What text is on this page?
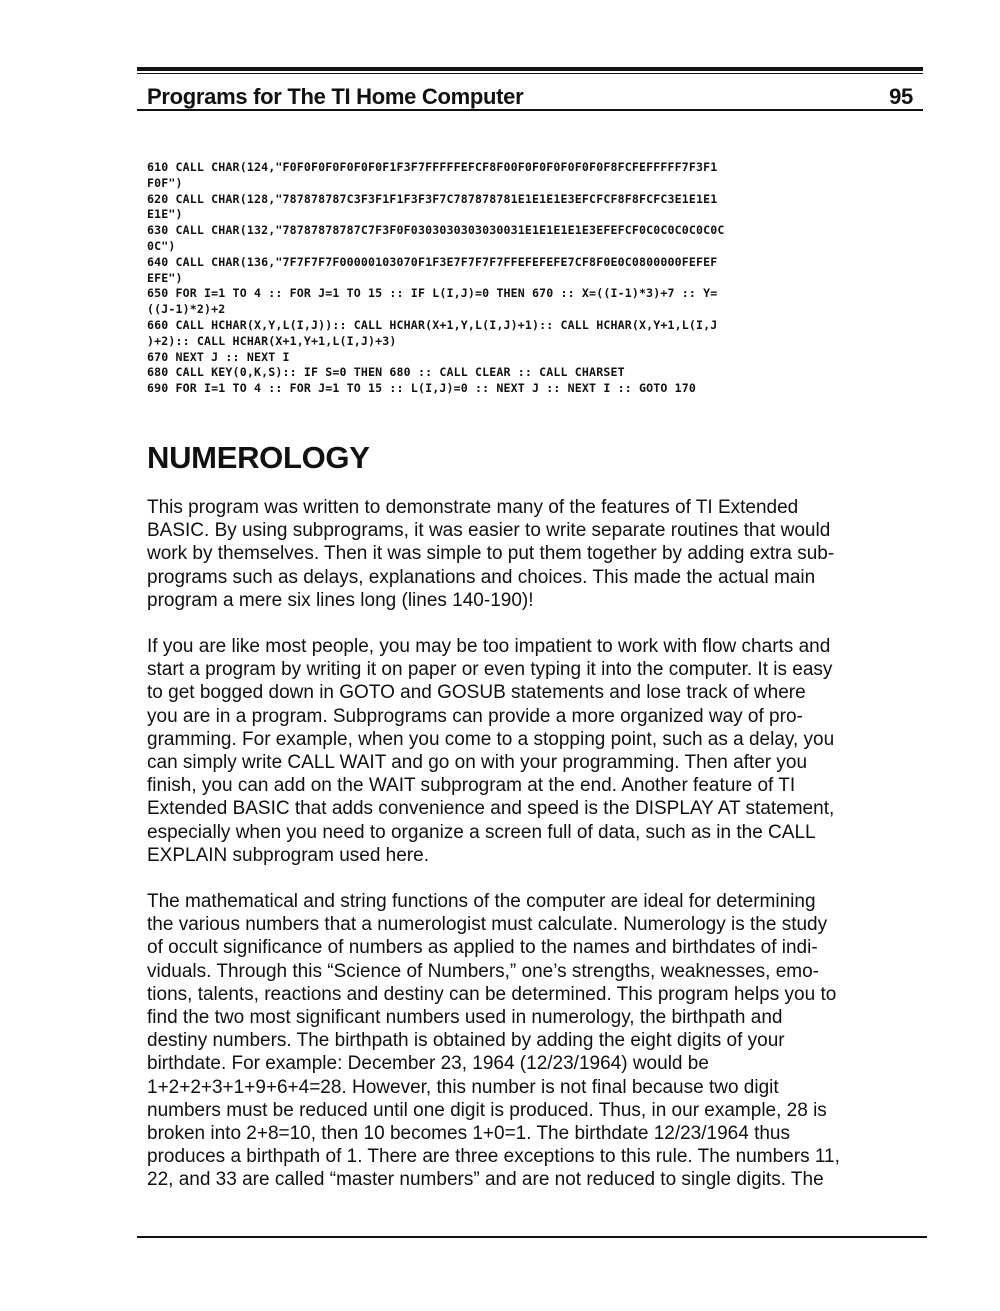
Programs for The TI Home Computer	95
610 CALL CHAR(124,"F0F0F0F0F0F0F0F1F3F7FFFFFEFCF8F00F0F0F0F0F0F0F8FCFEFFFFF7F3F1
F0F")
620 CALL CHAR(128,"787878787C3F3F1F1F3F3F7C787878781E1E1E1E3EFCFCF8F8FCFC3E1E1E1
E1E")
630 CALL CHAR(132,"78787878787C7F3F0F0303030303030031E1E1E1E1E3EFEFCF0C0C0C0C0C0C
0C")
640 CALL CHAR(136,"7F7F7F7F00000103070F1F3E7F7F7F7FFEFEFEFE7CF8F0E0C0800000FEFEF
EFE")
650 FOR I=1 TO 4 :: FOR J=1 TO 15 :: IF L(I,J)=0 THEN 670 :: X=((I-1)*3)+7 :: Y=
((J-1)*2)+2
660 CALL HCHAR(X,Y,L(I,J)):: CALL HCHAR(X+1,Y,L(I,J)+1):: CALL HCHAR(X,Y+1,L(I,J
)+2):: CALL HCHAR(X+1,Y+1,L(I,J)+3)
670 NEXT J :: NEXT I
680 CALL KEY(0,K,S):: IF S=0 THEN 680 :: CALL CLEAR :: CALL CHARSET
690 FOR I=1 TO 4 :: FOR J=1 TO 15 :: L(I,J)=0 :: NEXT J :: NEXT I :: GOTO 170
NUMEROLOGY
This program was written to demonstrate many of the features of TI Extended
BASIC. By using subprograms, it was easier to write separate routines that would
work by themselves. Then it was simple to put them together by adding extra sub-
programs such as delays, explanations and choices. This made the actual main
program a mere six lines long (lines 140-190)!
If you are like most people, you may be too impatient to work with flow charts and
start a program by writing it on paper or even typing it into the computer. It is easy
to get bogged down in GOTO and GOSUB statements and lose track of where
you are in a program. Subprograms can provide a more organized way of pro-
gramming. For example, when you come to a stopping point, such as a delay, you
can simply write CALL WAIT and go on with your programming. Then after you
finish, you can add on the WAIT subprogram at the end. Another feature of TI
Extended BASIC that adds convenience and speed is the DISPLAY AT statement,
especially when you need to organize a screen full of data, such as in the CALL
EXPLAIN subprogram used here.
The mathematical and string functions of the computer are ideal for determining
the various numbers that a numerologist must calculate. Numerology is the study
of occult significance of numbers as applied to the names and birthdates of indi-
viduals. Through this “Science of Numbers,” one’s strengths, weaknesses, emo-
tions, talents, reactions and destiny can be determined. This program helps you to
find the two most significant numbers used in numerology, the birthpath and
destiny numbers. The birthpath is obtained by adding the eight digits of your
birthdate. For example: December 23, 1964 (12/23/1964) would be
1+2+2+3+1+9+6+4=28. However, this number is not final because two digit
numbers must be reduced until one digit is produced. Thus, in our example, 28 is
broken into 2+8=10, then 10 becomes 1+0=1. The birthdate 12/23/1964 thus
produces a birthpath of 1. There are three exceptions to this rule. The numbers 11,
22, and 33 are called “master numbers” and are not reduced to single digits. The
